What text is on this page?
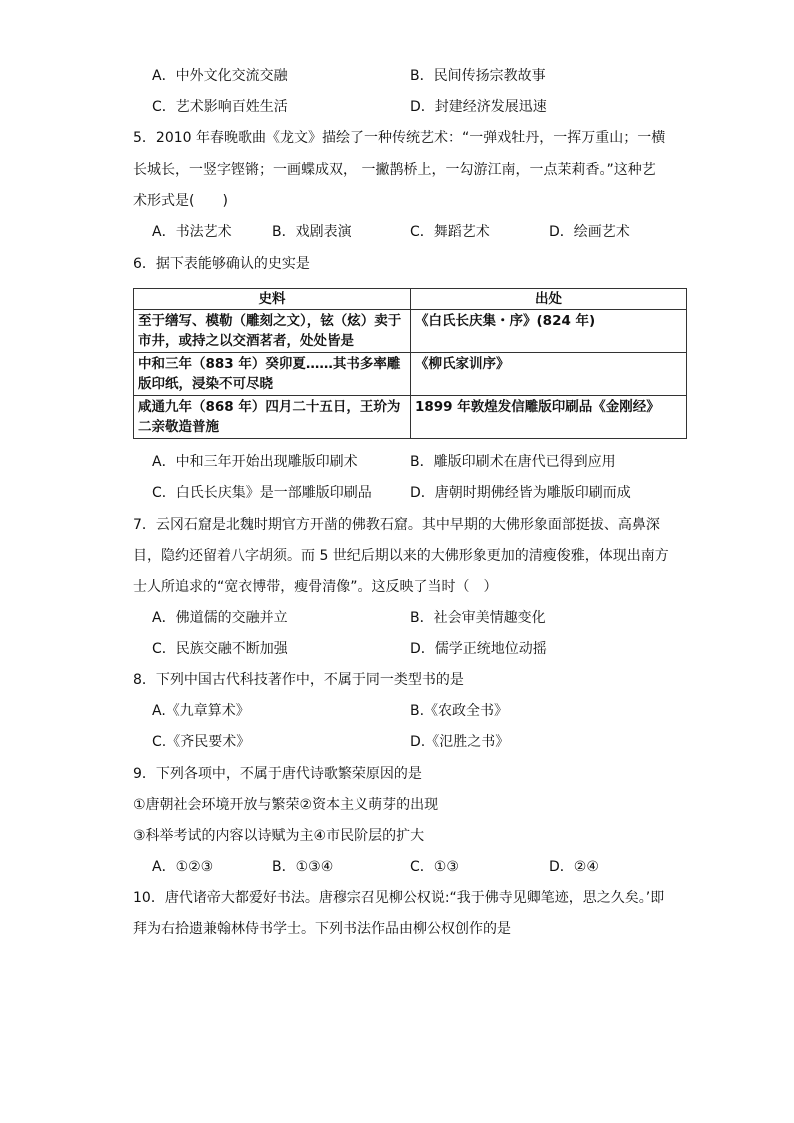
A．中外文化交流交融	B．民间传扬宗教故事
C．艺术影响百姓生活	D．封建经济发展迅速
5．2010 年春晚歌曲《龙文》描绘了一种传统艺术：“一弹戏牡丹，一挥万重山；一横
长城长，一竖字铿锵；一画蝶成双， 一撇鹊桥上，一勾游江南，一点茉莉香。”这种艺
术形式是(　　)
A．书法艺术	B．戏剧表演	C．舞蹈艺术	D．绘画艺术
6．据下表能够确认的史实是
史料	出处
至于缮写、模勒（雕刻之文），铉（炫）卖于市井，或持之以交酒茗者，处处皆是	《白氏长庆集・序》(824 年)
中和三年（883 年）癸卯夏……其书多率雕版印纸，浸染不可尽晓	《柳氏家训序》
咸通九年（868 年）四月二十五日，王玠为二亲敬造普施	1899 年敦煌发信雕版印刷品《金刚经》
A．中和三年开始出现雕版印刷术	B．雕版印刷术在唐代已得到应用
C．白氏长庆集》是一部雕版印刷品	D．唐朝时期佛经皆为雕版印刷而成
7．云冈石窟是北魏时期官方开凿的佛教石窟。其中早期的大佛形象面部挺拔、高鼻深
目，隐约还留着八字胡须。而 5 世纪后期以来的大佛形象更加的清瘦俊雅，体现出南方
士人所追求的“宽衣博带，瘦骨清像”。这反映了当时（　）
A．佛道儒的交融并立	B．社会审美情趣变化
C．民族交融不断加强	D．儒学正统地位动摇
8．下列中国古代科技著作中，不属于同一类型书的是
A.《九章算术》	B.《农政全书》
C.《齐民要术》	D.《氾胜之书》
9．下列各项中，不属于唐代诗歌繁荣原因的是
①唐朝社会环境开放与繁荣②资本主义萌芽的出现
③科举考试的内容以诗赋为主④市民阶层的扩大
A．①②③	B．①③④	C．①③	D．②④
10．唐代诸帝大都爱好书法。唐穆宗召见柳公权说:“我于佛寺见卿笔迹，思之久矣。’即
拜为右拾遗兼翰林侍书学士。下列书法作品由柳公权创作的是
